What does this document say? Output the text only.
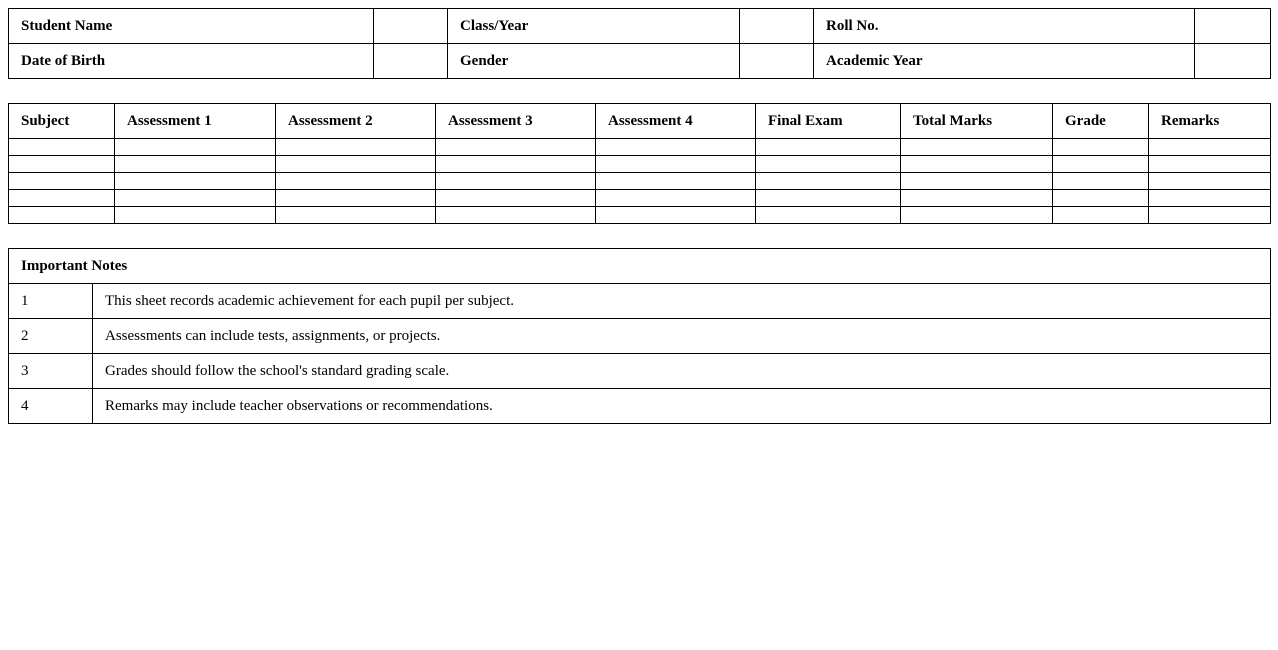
Student Name		Class/Year		Roll No.	
Date of Birth		Gender		Academic Year	
Subject	Assessment 1	Assessment 2	Assessment 3	Assessment 4	Final Exam	Total Marks	Grade	Remarks

Important Notes	
1	This sheet records academic achievement for each pupil per subject.
2	Assessments can include tests, assignments, or projects.
3	Grades should follow the school's standard grading scale.
4	Remarks may include teacher observations or recommendations.
